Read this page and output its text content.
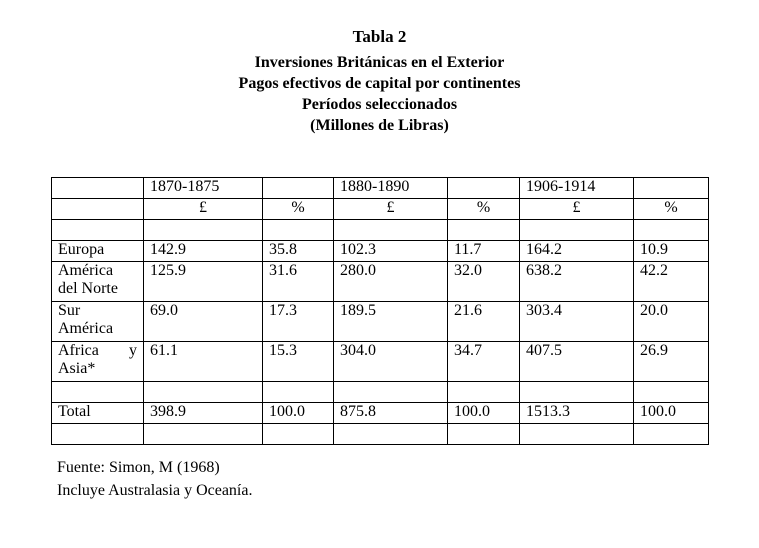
Tabla 2
Inversiones Británicas en el Exterior
Pagos efectivos de capital por continentes
Períodos seleccionados
(Millones de Libras)
	1870-1875		1880-1890		1906-1914	
	£	%	£	%	£	%

Europa	142.9	35.8	102.3	11.7	164.2	10.9

América
del Norte	125.9	31.6	280.0	32.0	638.2	42.2

Sur
América	69.0	17.3	189.5	21.6	303.4	20.0

Africa y
Asia*	61.1	15.3	304.0	34.7	407.5	26.9

Total	398.9	100.0	875.8	100.0	1513.3	100.0

Fuente: Simon, M (1968)
Incluye Australasia y Oceanía.
